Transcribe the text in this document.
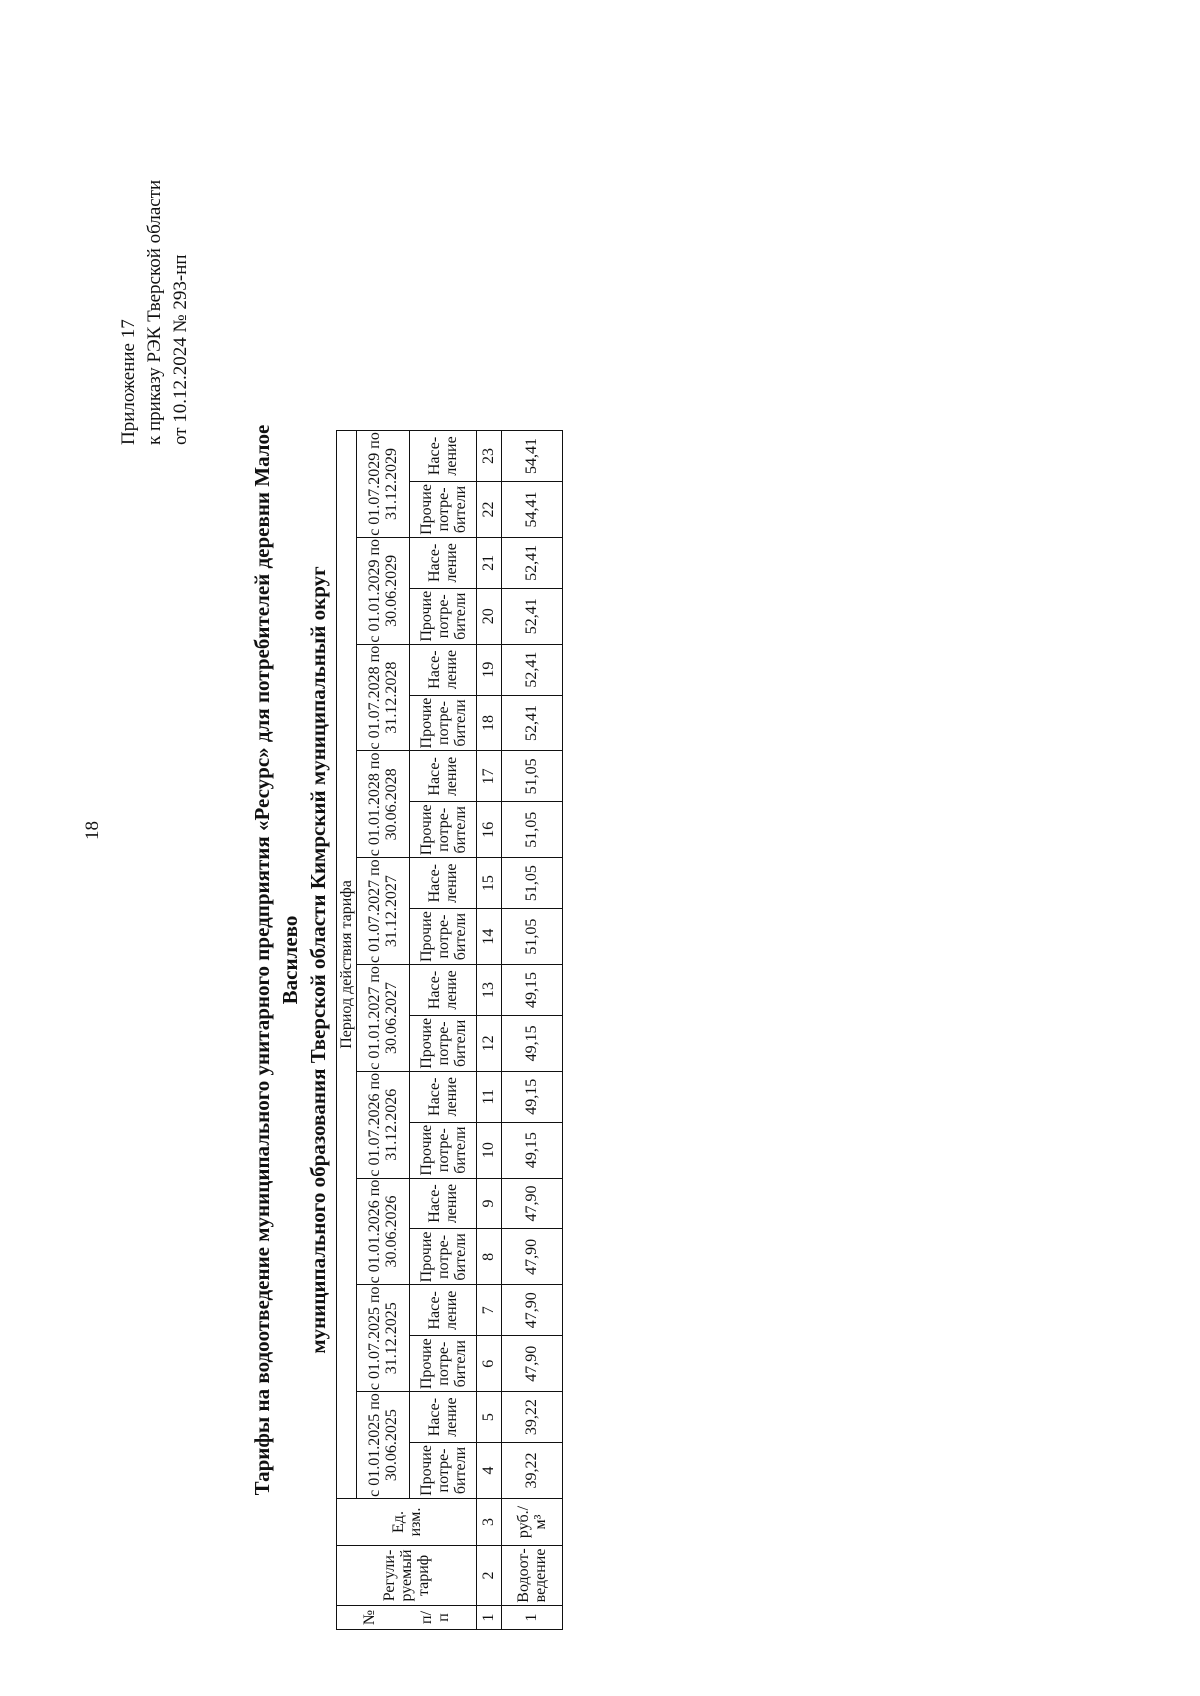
18
Приложение 17 к приказу РЭК Тверской области от 10.12.2024 № 293-нп
Тарифы на водоотведение муниципального унитарного предприятия «Ресурс» для потребителей деревни Малое Василево муниципального образования Тверской области Кимрский муниципальный округ
№ п/ п	Регули-руемый тариф	Ед. изм.	Период действия тарифа																			
			с 01.01.2025 по 30.06.2025		с 01.07.2025 по 31.12.2025		с 01.01.2026 по 30.06.2026		с 01.07.2026 по 31.12.2026		с 01.01.2027 по 30.06.2027		с 01.07.2027 по 31.12.2027		с 01.01.2028 по 30.06.2028		с 01.07.2028 по 31.12.2028		с 01.01.2029 по 30.06.2029		с 01.07.2029 по 31.12.2029	
			Прочие потре-бители	Насе-ление	Прочие потре-бители	Насе-ление	Прочие потре-бители	Насе-ление	Прочие потре-бители	Насе-ление	Прочие потре-бители	Насе-ление	Прочие потре-бители	Насе-ление	Прочие потре-бители	Насе-ление	Прочие потре-бители	Насе-ление	Прочие потре-бители	Насе-ление	Прочие потре-бители	Насе-ление
1	2	3	4	5	6	7	8	9	10	11	12	13	14	15	16	17	18	19	20	21	22	23
1	Водоот-ведение	руб./м³	39,22	39,22	47,90	47,90	47,90	47,90	49,15	49,15	49,15	49,15	51,05	51,05	51,05	51,05	52,41	52,41	52,41	52,41	54,41	54,41
